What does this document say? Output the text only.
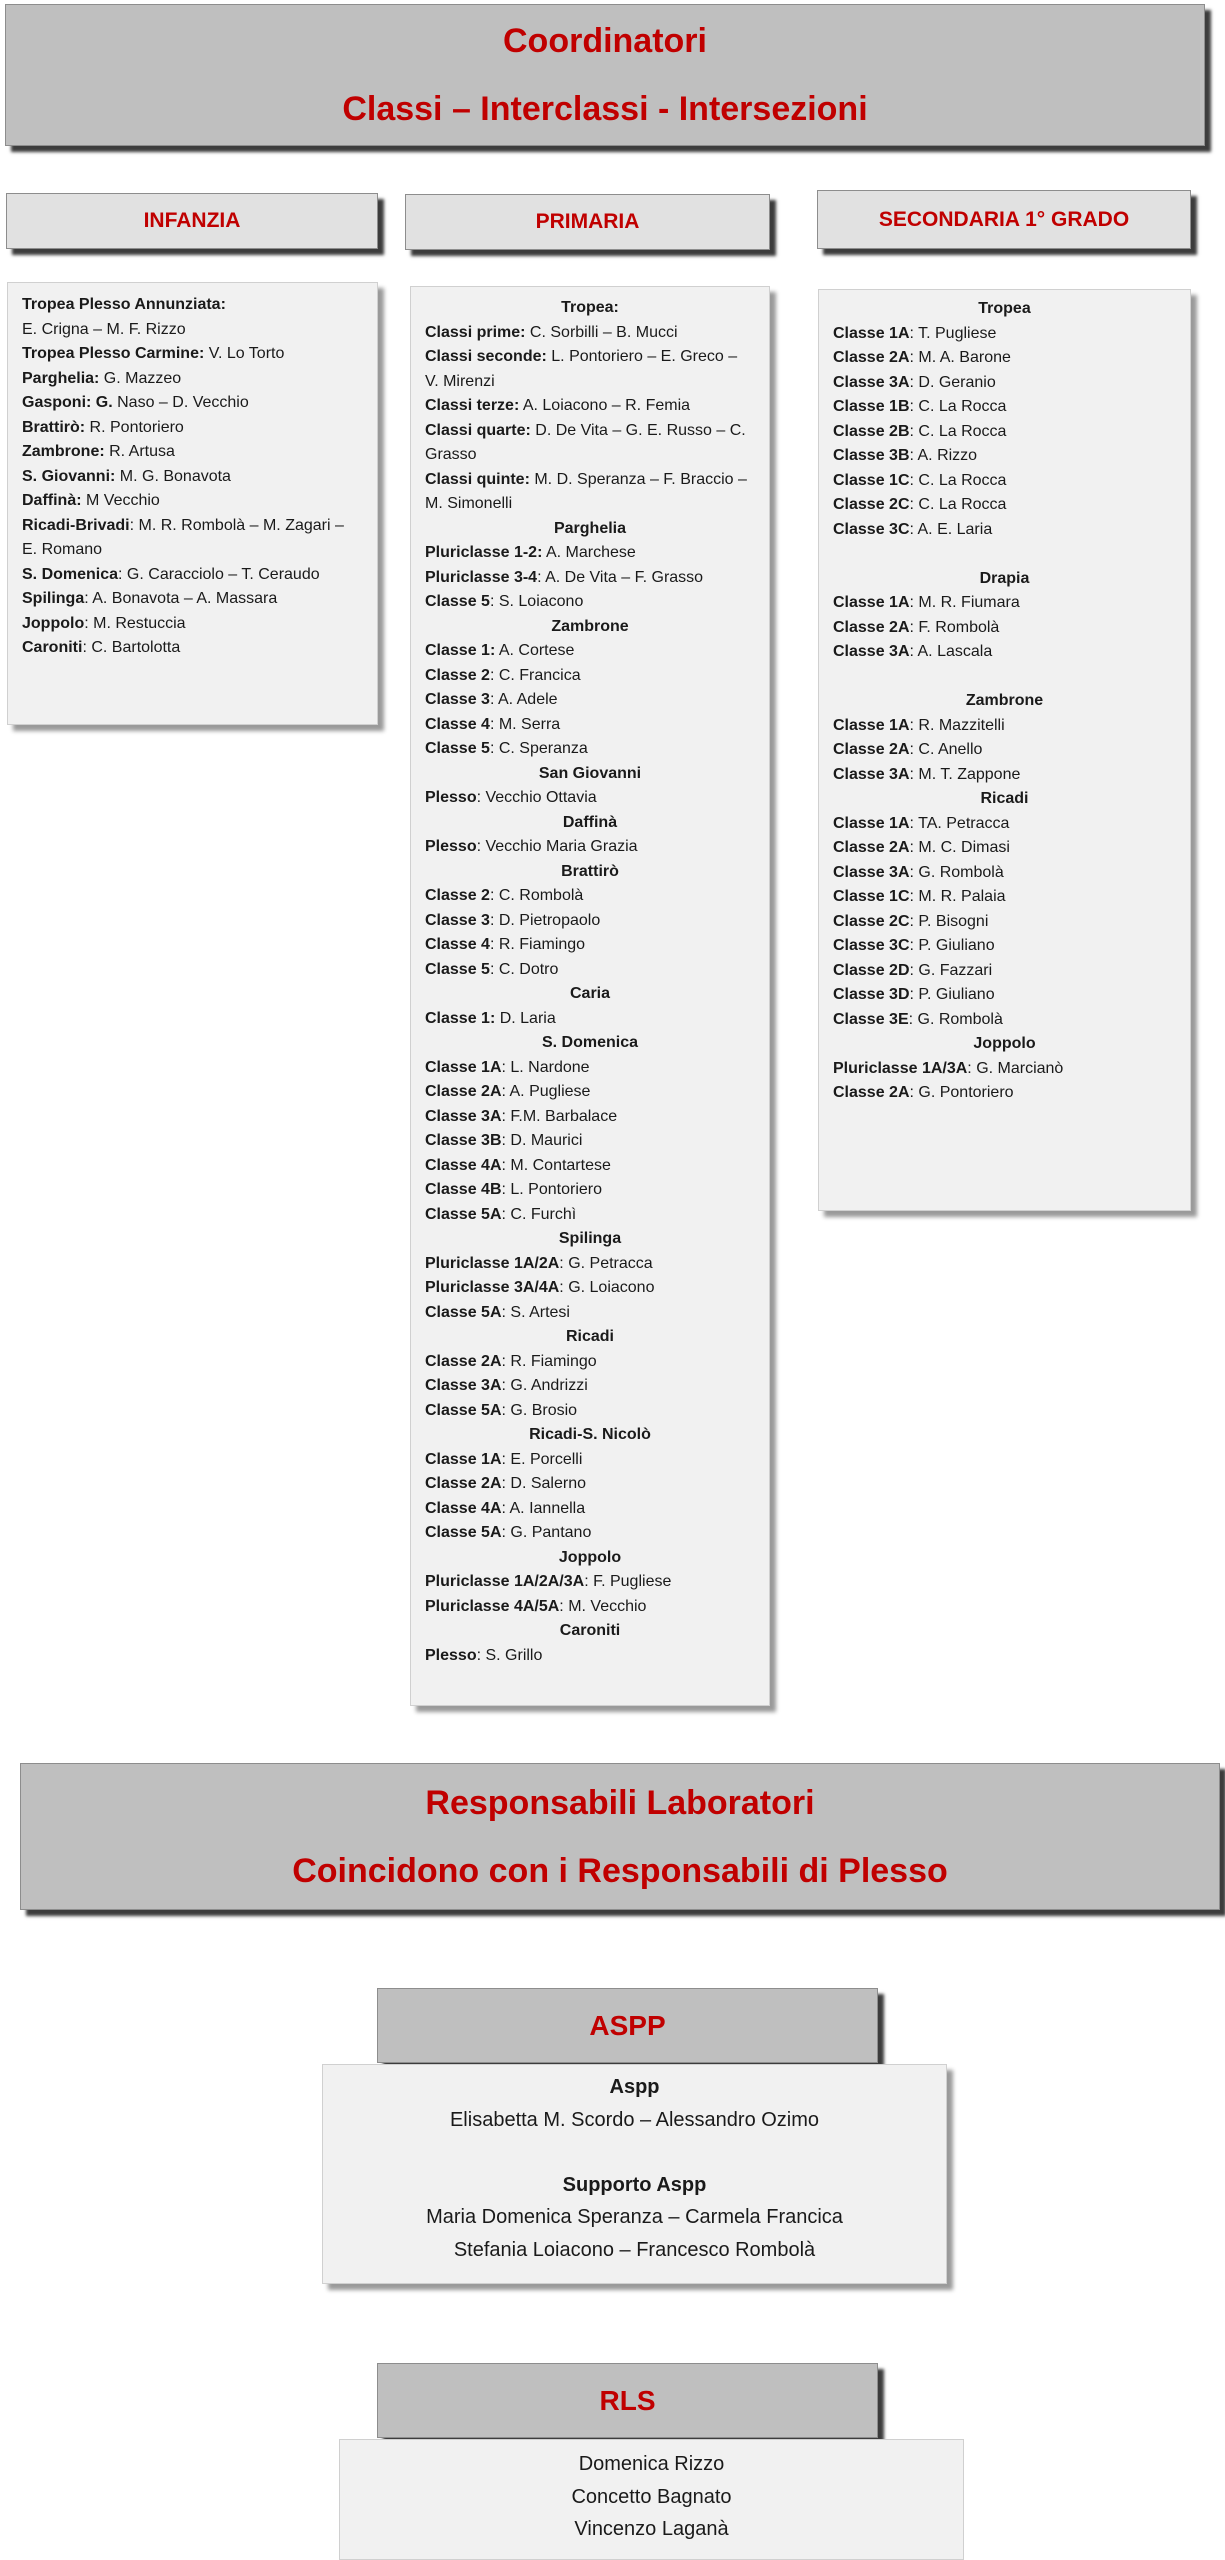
Coordinatori
Classi – Interclassi - Intersezioni
INFANZIA	PRIMARIA	SECONDARIA 1° GRADO
Tropea Plesso Annunziata:
E. Crigna – M. F. Rizzo
Tropea Plesso Carmine: V. Lo Torto
Parghelia: G. Mazzeo
Gasponi: G. Naso – D. Vecchio
Brattirò: R. Pontoriero
Zambrone: R. Artusa
S. Giovanni: M. G. Bonavota
Daffinà: M Vecchio
Ricadi-Brivadi: M. R. Rombolà – M. Zagari –
E. Romano
S. Domenica: G. Caracciolo – T. Ceraudo
Spilinga: A. Bonavota – A. Massara
Joppolo: M. Restuccia
Caroniti: C. Bartolotta
Tropea:
Classi prime: C. Sorbilli – B. Mucci
Classi seconde: L. Pontoriero – E. Greco –
V. Mirenzi
Classi terze: A. Loiacono – R. Femia
Classi quarte: D. De Vita – G. E. Russo – C.
Grasso
Classi quinte: M. D. Speranza – F. Braccio –
M. Simonelli
Parghelia
Pluriclasse 1-2: A. Marchese
Pluriclasse 3-4: A. De Vita – F. Grasso
Classe 5: S. Loiacono
Zambrone
Classe 1: A. Cortese
Classe 2: C. Francica
Classe 3: A. Adele
Classe 4: M. Serra
Classe 5: C. Speranza
San Giovanni
Plesso: Vecchio Ottavia
Daffinà
Plesso: Vecchio Maria Grazia
Brattirò
Classe 2: C. Rombolà
Classe 3: D. Pietropaolo
Classe 4: R. Fiamingo
Classe 5: C. Dotro
Caria
Classe 1: D. Laria
S. Domenica
Classe 1A: L. Nardone
Classe 2A: A. Pugliese
Classe 3A: F.M. Barbalace
Classe 3B: D. Maurici
Classe 4A: M. Contartese
Classe 4B: L. Pontoriero
Classe 5A: C. Furchì
Spilinga
Pluriclasse 1A/2A: G. Petracca
Pluriclasse 3A/4A: G. Loiacono
Classe 5A: S. Artesi
Ricadi
Classe 2A: R. Fiamingo
Classe 3A: G. Andrizzi
Classe 5A: G. Brosio
Ricadi-S. Nicolò
Classe 1A: E. Porcelli
Classe 2A: D. Salerno
Classe 4A: A. Iannella
Classe 5A: G. Pantano
Joppolo
Pluriclasse 1A/2A/3A: F. Pugliese
Pluriclasse 4A/5A: M. Vecchio
Caroniti
Plesso: S. Grillo
Tropea
Classe 1A: T. Pugliese
Classe 2A: M. A. Barone
Classe 3A: D. Geranio
Classe 1B: C. La Rocca
Classe 2B: C. La Rocca
Classe 3B: A. Rizzo
Classe 1C: C. La Rocca
Classe 2C: C. La Rocca
Classe 3C: A. E. Laria
Drapia
Classe 1A: M. R. Fiumara
Classe 2A: F. Rombolà
Classe 3A: A. Lascala
Zambrone
Classe 1A: R. Mazzitelli
Classe 2A: C. Anello
Classe 3A: M. T. Zappone
Ricadi
Classe 1A: TA. Petracca
Classe 2A: M. C. Dimasi
Classe 3A: G. Rombolà
Classe 1C: M. R. Palaia
Classe 2C: P. Bisogni
Classe 3C: P. Giuliano
Classe 2D: G. Fazzari
Classe 3D: P. Giuliano
Classe 3E: G. Rombolà
Joppolo
Pluriclasse 1A/3A: G. Marcianò
Classe 2A: G. Pontoriero
Responsabili Laboratori
Coincidono con i Responsabili di Plesso
ASPP
Aspp
Elisabetta M. Scordo – Alessandro Ozimo
Supporto Aspp
Maria Domenica Speranza – Carmela Francica
Stefania Loiacono – Francesco Rombolà
RLS
Domenica Rizzo
Concetto Bagnato
Vincenzo Laganà
